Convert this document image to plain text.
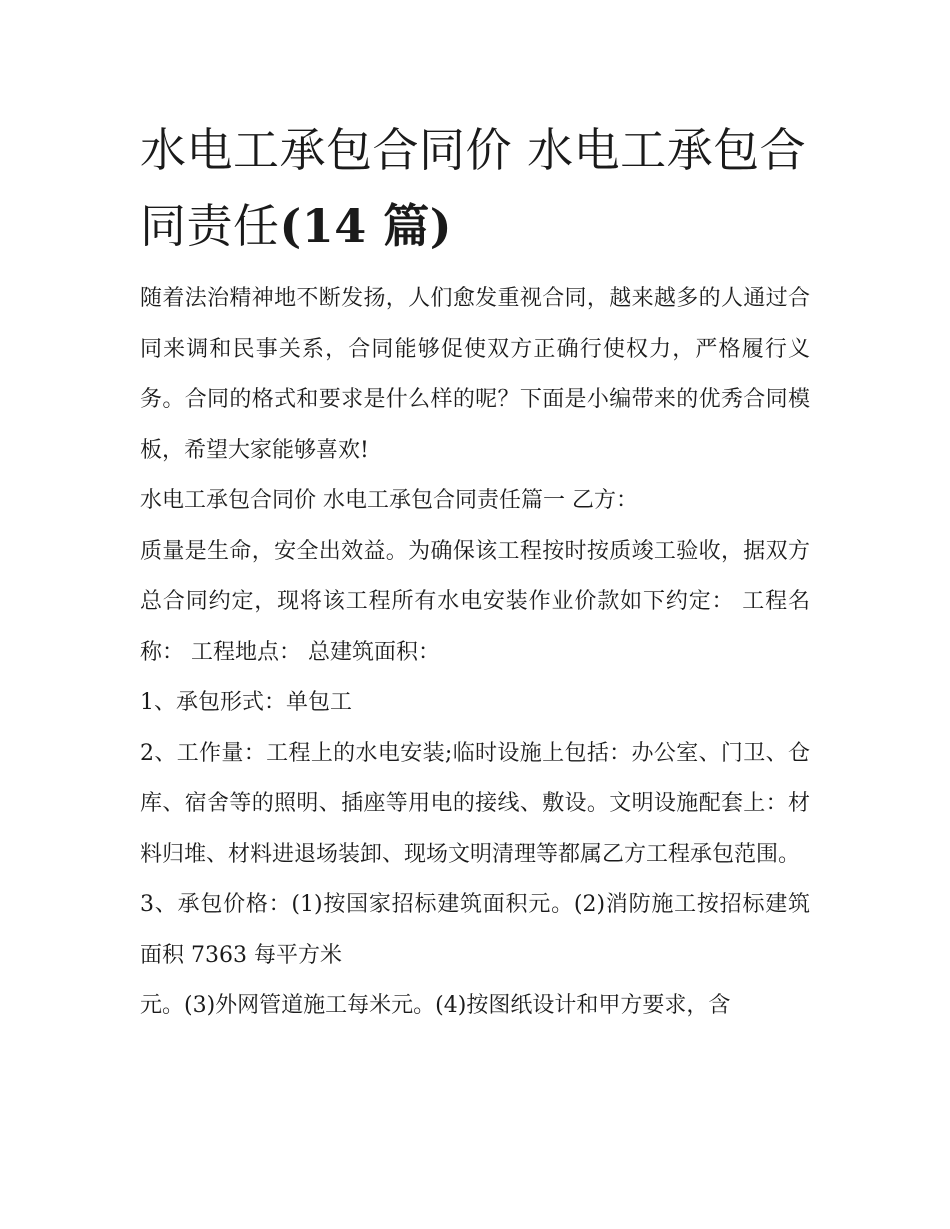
水电工承包合同价 水电工承包合同责任(14 篇)

随着法治精神地不断发扬，人们愈发重视合同，越来越多的人通过合同来调和民事关系，合同能够促使双方正确行使权力，严格履行义务。合同的格式和要求是什么样的呢？下面是小编带来的优秀合同模板，希望大家能够喜欢!

水电工承包合同价 水电工承包合同责任篇一 乙方：

质量是生命，安全出效益。为确保该工程按时按质竣工验收，据双方总合同约定，现将该工程所有水电安装作业价款如下约定： 工程名称： 工程地点： 总建筑面积：

1、承包形式：单包工

2、工作量：工程上的水电安装;临时设施上包括：办公室、门卫、仓库、宿舍等的照明、插座等用电的接线、敷设。文明设施配套上：材料归堆、材料进退场装卸、现场文明清理等都属乙方工程承包范围。

3、承包价格：(1)按国家招标建筑面积元。(2)消防施工按招标建筑面积 7363 每平方米

元。(3)外网管道施工每米元。(4)按图纸设计和甲方要求，含
